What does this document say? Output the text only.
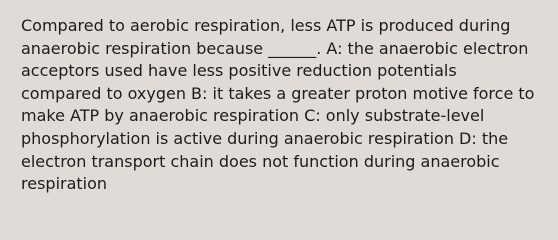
Compared to aerobic respiration, less ATP is produced during anaerobic respiration because ______. A: the anaerobic electron acceptors used have less positive reduction potentials compared to oxygen B: it takes a greater proton motive force to make ATP by anaerobic respiration C: only substrate-level phosphorylation is active during anaerobic respiration D: the electron transport chain does not function during anaerobic respiration
